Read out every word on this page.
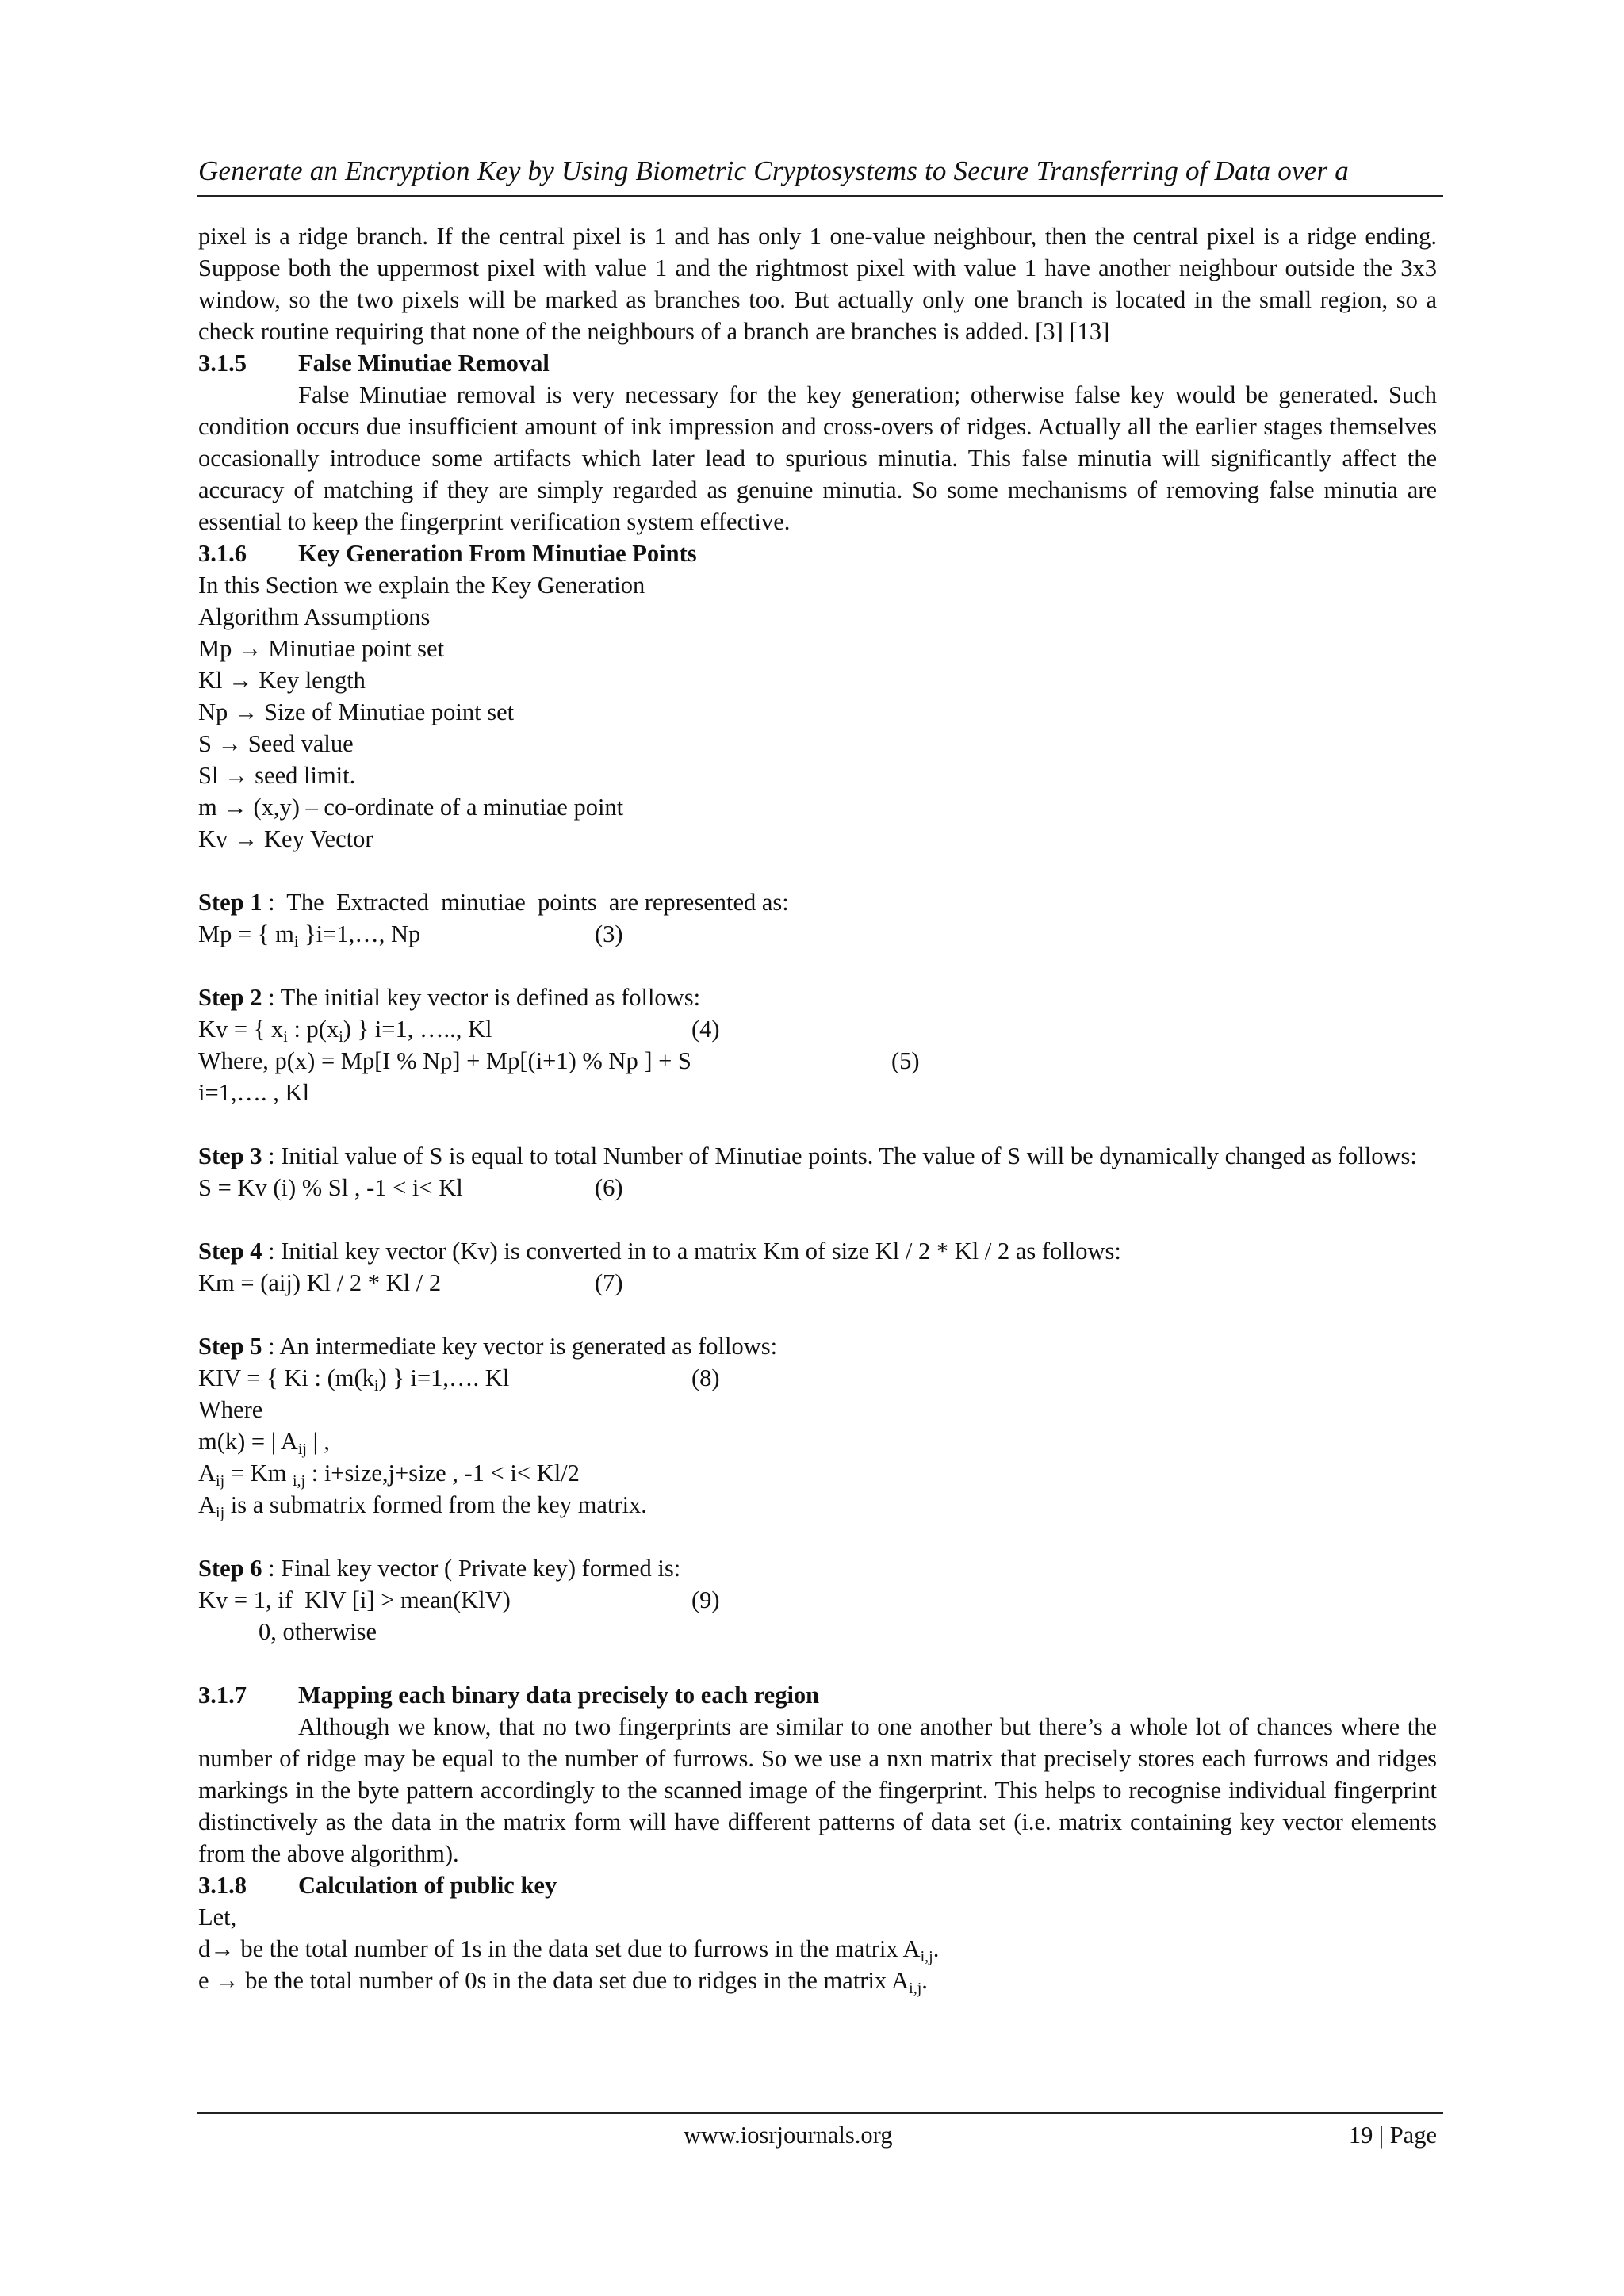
Generate an Encryption Key by Using Biometric Cryptosystems to Secure Transferring of Data over a

pixel is a ridge branch. If the central pixel is 1 and has only 1 one-value neighbour, then the central pixel is a ridge ending. Suppose both the uppermost pixel with value 1 and the rightmost pixel with value 1 have another neighbour outside the 3x3 window, so the two pixels will be marked as branches too. But actually only one branch is located in the small region, so a check routine requiring that none of the neighbours of a branch are branches is added. [3] [13]

3.1.5 False Minutiae Removal

False Minutiae removal is very necessary for the key generation; otherwise false key would be generated. Such condition occurs due insufficient amount of ink impression and cross-overs of ridges. Actually all the earlier stages themselves occasionally introduce some artifacts which later lead to spurious minutia. This false minutia will significantly affect the accuracy of matching if they are simply regarded as genuine minutia. So some mechanisms of removing false minutia are essential to keep the fingerprint verification system effective.

3.1.6 Key Generation From Minutiae Points

In this Section we explain the Key Generation

Algorithm Assumptions

Mp → Minutiae point set

Kl → Key length

Np → Size of Minutiae point set

S → Seed value

Sl → seed limit.

m → (x,y) – co-ordinate of a minutiae point

Kv → Key Vector

Step 1 :  The  Extracted  minutiae  points  are represented as:

Mp = { $m_i$ }i=1,…, Np	(3)

Step 2 : The initial key vector is defined as follows:

Kv = { $x_i$ : $p(x_i)$ } i=1, ….., Kl	(4)

Where, p(x) = Mp[I % Np] + Mp[(i+1) % Np ] + S	(5)

i=1,…. , Kl

Step 3 : Initial value of S is equal to total Number of Minutiae points. The value of S will be dynamically changed as follows:

S = Kv (i) % Sl , -1 < i< Kl	(6)

Step 4 : Initial key vector (Kv) is converted in to a matrix Km of size Kl / 2 * Kl / 2 as follows:

Km = (aij) Kl / 2 * Kl / 2	(7)

Step 5 : An intermediate key vector is generated as follows:

KIV = { Ki : ($m(k_i)$ } i=1,…. Kl	(8)

Where

m(k) = | $A_{ij}$ | ,

$A_{ij} = Km$ $_{i,j}$ : i+size,j+size , -1 < i< Kl/2

$A_{ij}$ is a submatrix formed from the key matrix.

Step 6 : Final key vector ( Private key) formed is:

Kv = 1, if  KlV [i] > mean(KlV)	(9)

0, otherwise

3.1.7 Mapping each binary data precisely to each region

Although we know, that no two fingerprints are similar to one another but there’s a whole lot of chances where the number of ridge may be equal to the number of furrows. So we use a nxn matrix that precisely stores each furrows and ridges markings in the byte pattern accordingly to the scanned image of the fingerprint. This helps to recognise individual fingerprint distinctively as the data in the matrix form will have different patterns of data set (i.e. matrix containing key vector elements from the above algorithm).

3.1.8 Calculation of public key

Let,

d→ be the total number of 1s in the data set due to furrows in the matrix $A_{i,j}$.

e → be the total number of 0s in the data set due to ridges in the matrix $A_{i,j}$.

www.iosrjournals.org	19 | Page
